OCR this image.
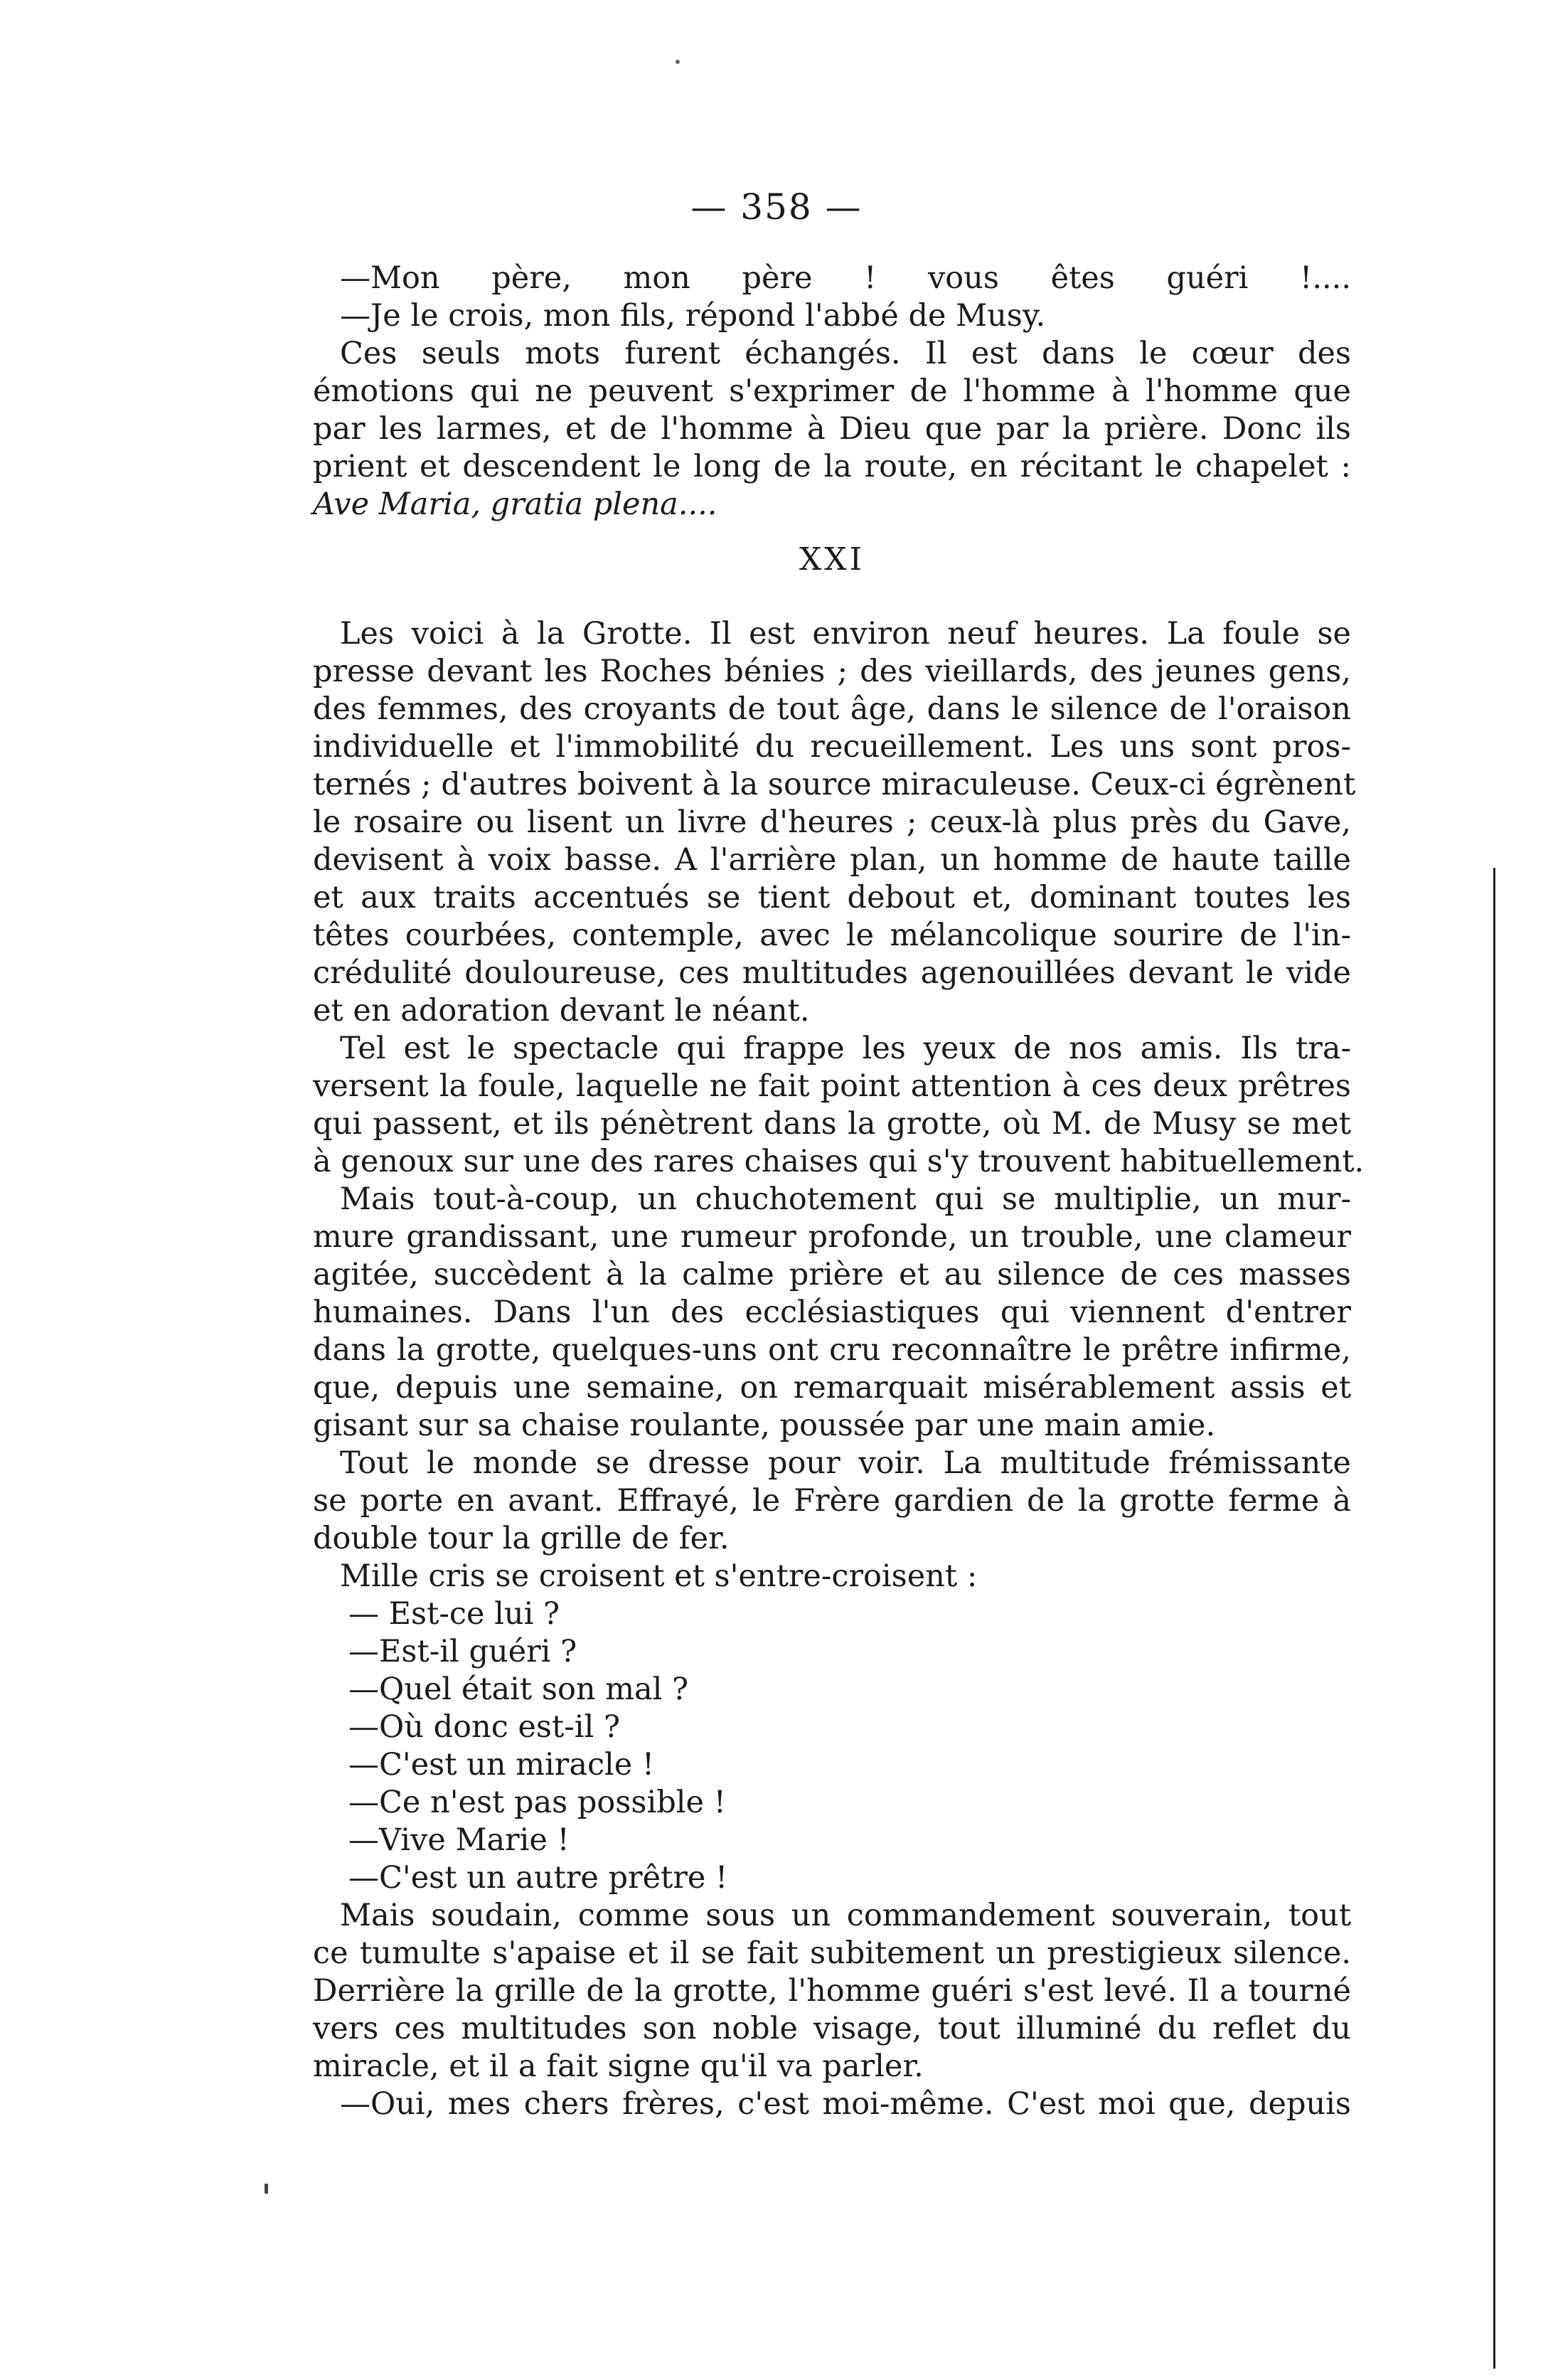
— 358 —
—Mon père, mon père ! vous êtes guéri !....
—Je le crois, mon fils, répond l'abbé de Musy.
Ces seuls mots furent échangés. Il est dans le cœur des
émotions qui ne peuvent s'exprimer de l'homme à l'homme que
par les larmes, et de l'homme à Dieu que par la prière. Donc ils
prient et descendent le long de la route, en récitant le chapelet :
Ave Maria, gratia plena....
XXI
Les voici à la Grotte. Il est environ neuf heures. La foule se
presse devant les Roches bénies ; des vieillards, des jeunes gens,
des femmes, des croyants de tout âge, dans le silence de l'oraison
individuelle et l'immobilité du recueillement. Les uns sont pros-
ternés ; d'autres boivent à la source miraculeuse. Ceux-ci égrènent
le rosaire ou lisent un livre d'heures ; ceux-là plus près du Gave,
devisent à voix basse. A l'arrière plan, un homme de haute taille
et aux traits accentués se tient debout et, dominant toutes les
têtes courbées, contemple, avec le mélancolique sourire de l'in-
crédulité douloureuse, ces multitudes agenouillées devant le vide
et en adoration devant le néant.
Tel est le spectacle qui frappe les yeux de nos amis. Ils tra-
versent la foule, laquelle ne fait point attention à ces deux prêtres
qui passent, et ils pénètrent dans la grotte, où M. de Musy se met
à genoux sur une des rares chaises qui s'y trouvent habituellement.
Mais tout-à-coup, un chuchotement qui se multiplie, un mur-
mure grandissant, une rumeur profonde, un trouble, une clameur
agitée, succèdent à la calme prière et au silence de ces masses
humaines. Dans l'un des ecclésiastiques qui viennent d'entrer
dans la grotte, quelques-uns ont cru reconnaître le prêtre infirme,
que, depuis une semaine, on remarquait misérablement assis et
gisant sur sa chaise roulante, poussée par une main amie.
Tout le monde se dresse pour voir. La multitude frémissante
se porte en avant. Effrayé, le Frère gardien de la grotte ferme à
double tour la grille de fer.
Mille cris se croisent et s'entre-croisent :
— Est-ce lui ?
—Est-il guéri ?
—Quel était son mal ?
—Où donc est-il ?
—C'est un miracle !
—Ce n'est pas possible !
—Vive Marie !
—C'est un autre prêtre !
Mais soudain, comme sous un commandement souverain, tout
ce tumulte s'apaise et il se fait subitement un prestigieux silence.
Derrière la grille de la grotte, l'homme guéri s'est levé. Il a tourné
vers ces multitudes son noble visage, tout illuminé du reflet du
miracle, et il a fait signe qu'il va parler.
—Oui, mes chers frères, c'est moi-même. C'est moi que, depuis
